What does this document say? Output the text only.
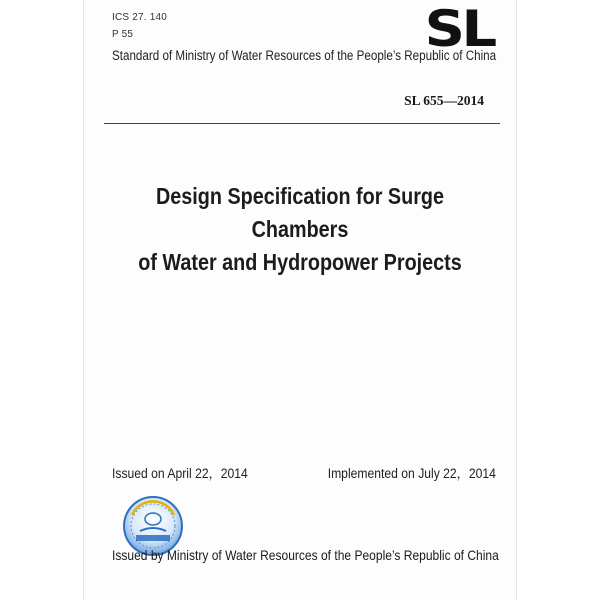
ICS 27. 140
P 55	SL
Standard of Ministry of Water Resources of the People’s Republic of China
SL 655—2014
Design Specification for Surge Chambers
of Water and Hydropower Projects
Issued on April 22，2014	Implemented on July 22，2014
Issued by Ministry of Water Resources of the People’s Republic of China
